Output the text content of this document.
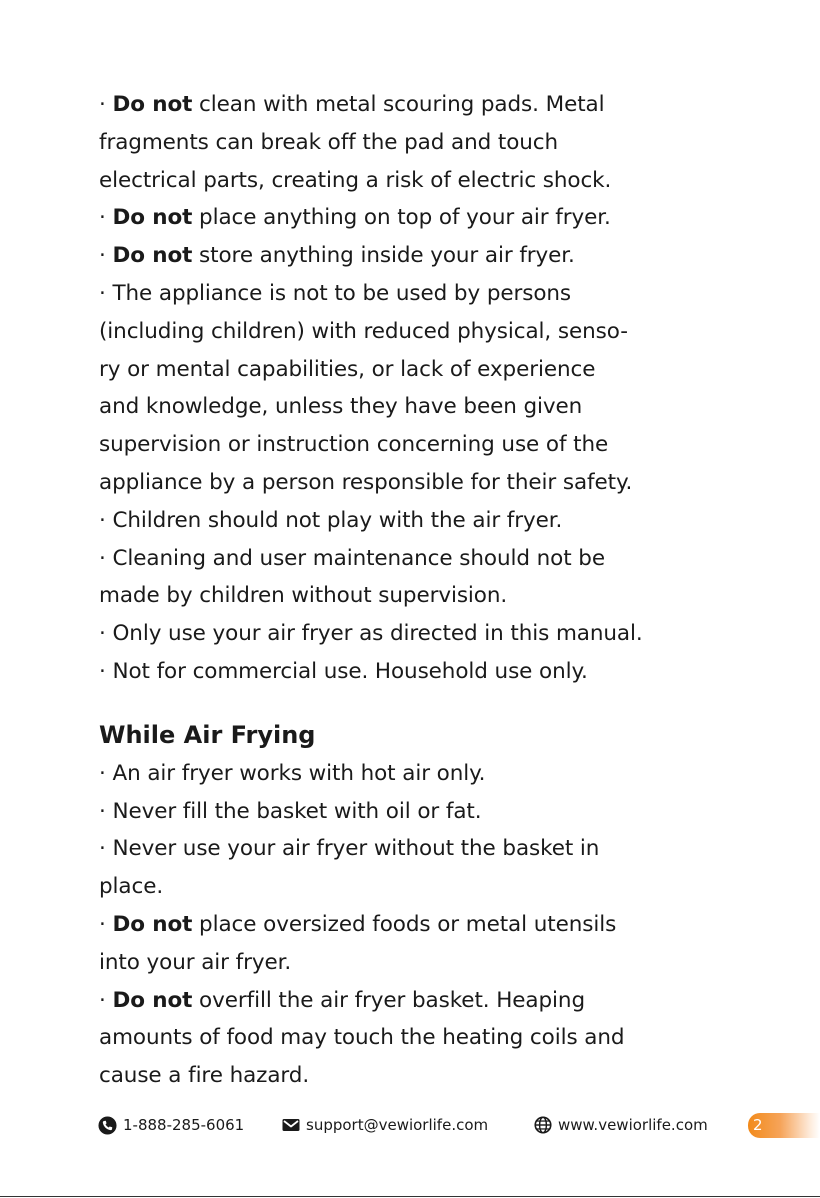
· Do not clean with metal scouring pads. Metal
fragments can break off the pad and touch
electrical parts, creating a risk of electric shock.
· Do not place anything on top of your air fryer.
· Do not store anything inside your air fryer.
· The appliance is not to be used by persons
(including children) with reduced physical, senso-
ry or mental capabilities, or lack of experience
and knowledge, unless they have been given
supervision or instruction concerning use of the
appliance by a person responsible for their safety.
· Children should not play with the air fryer.
· Cleaning and user maintenance should not be
made by children without supervision.
· Only use your air fryer as directed in this manual.
· Not for commercial use. Household use only.
While Air Frying
· An air fryer works with hot air only.
· Never fill the basket with oil or fat.
· Never use your air fryer without the basket in
place.
· Do not place oversized foods or metal utensils
into your air fryer.
· Do not overfill the air fryer basket. Heaping
amounts of food may touch the heating coils and
cause a fire hazard.
1-888-285-6061	support@vewiorlife.com	www.vewiorlife.com	2
